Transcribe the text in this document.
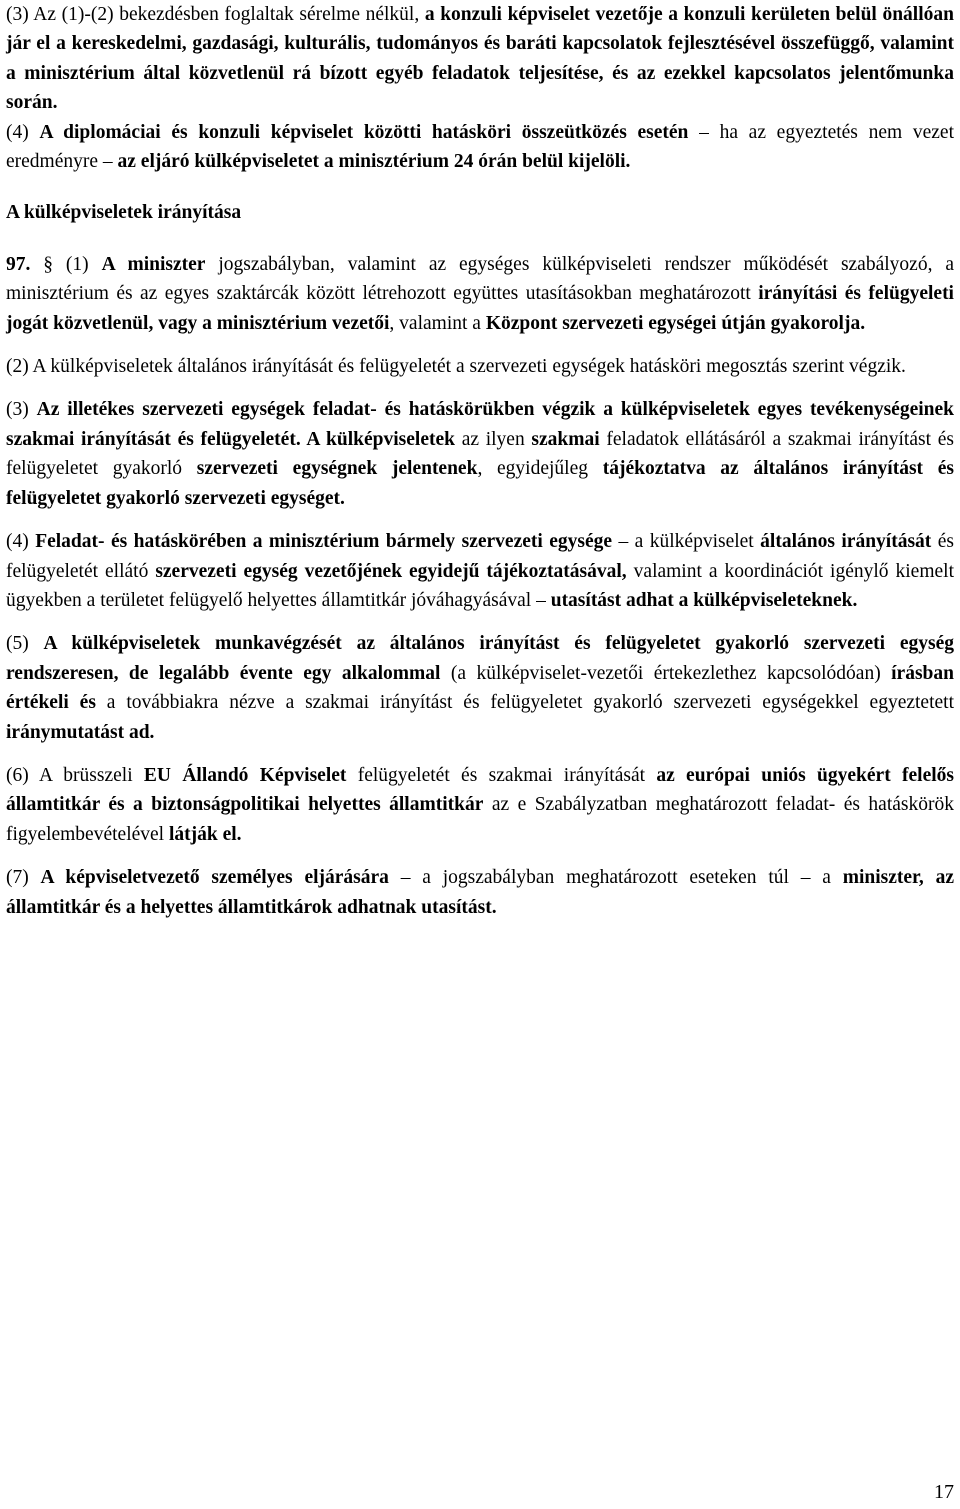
(3) Az (1)-(2) bekezdésben foglaltak sérelme nélkül, a konzuli képviselet vezetője a konzuli kerületen belül önállóan jár el a kereskedelmi, gazdasági, kulturális, tudományos és baráti kapcsolatok fejlesztésével összefüggő, valamint a minisztérium által közvetlenül rá bízott egyéb feladatok teljesítése, és az ezekkel kapcsolatos jelentőmunka során.

(4) A diplomáciai és konzuli képviselet közötti hatásköri összeütközés esetén – ha az egyeztetés nem vezet eredményre – az eljáró külképviseletet a minisztérium 24 órán belül kijelöli.

A külképviseletek irányítása

97. § (1) A miniszter jogszabályban, valamint az egységes külképviseleti rendszer működését szabályozó, a minisztérium és az egyes szaktárcák között létrehozott együttes utasításokban meghatározott irányítási és felügyeleti jogát közvetlenül, vagy a minisztérium vezetői, valamint a Központ szervezeti egységei útján gyakorolja.

(2) A külképviseletek általános irányítását és felügyeletét a szervezeti egységek hatásköri megosztás szerint végzik.

(3) Az illetékes szervezeti egységek feladat- és hatáskörükben végzik a külképviseletek egyes tevékenységeinek szakmai irányítását és felügyeletét. A külképviseletek az ilyen szakmai feladatok ellátásáról a szakmai irányítást és felügyeletet gyakorló szervezeti egységnek jelentenek, egyidejűleg tájékoztatva az általános irányítást és felügyeletet gyakorló szervezeti egységet.

(4) Feladat- és hatáskörében a minisztérium bármely szervezeti egysége – a külképviselet általános irányítását és felügyeletét ellátó szervezeti egység vezetőjének egyidejű tájékoztatásával, valamint a koordinációt igénylő kiemelt ügyekben a területet felügyelő helyettes államtitkár jóváhagyásával – utasítást adhat a külképviseleteknek.

(5) A külképviseletek munkavégzését az általános irányítást és felügyeletet gyakorló szervezeti egység rendszeresen, de legalább évente egy alkalommal (a külképviselet-vezetői értekezlethez kapcsolódóan) írásban értékeli és a továbbiakra nézve a szakmai irányítást és felügyeletet gyakorló szervezeti egységekkel egyeztetett iránymutatást ad.

(6) A brüsszeli EU Állandó Képviselet felügyeletét és szakmai irányítását az európai uniós ügyekért felelős államtitkár és a biztonságpolitikai helyettes államtitkár az e Szabályzatban meghatározott feladat- és hatáskörök figyelembevételével látják el.

(7) A képviseletvezető személyes eljárására – a jogszabályban meghatározott eseteken túl – a miniszter, az államtitkár és a helyettes államtitkárok adhatnak utasítást.

17
